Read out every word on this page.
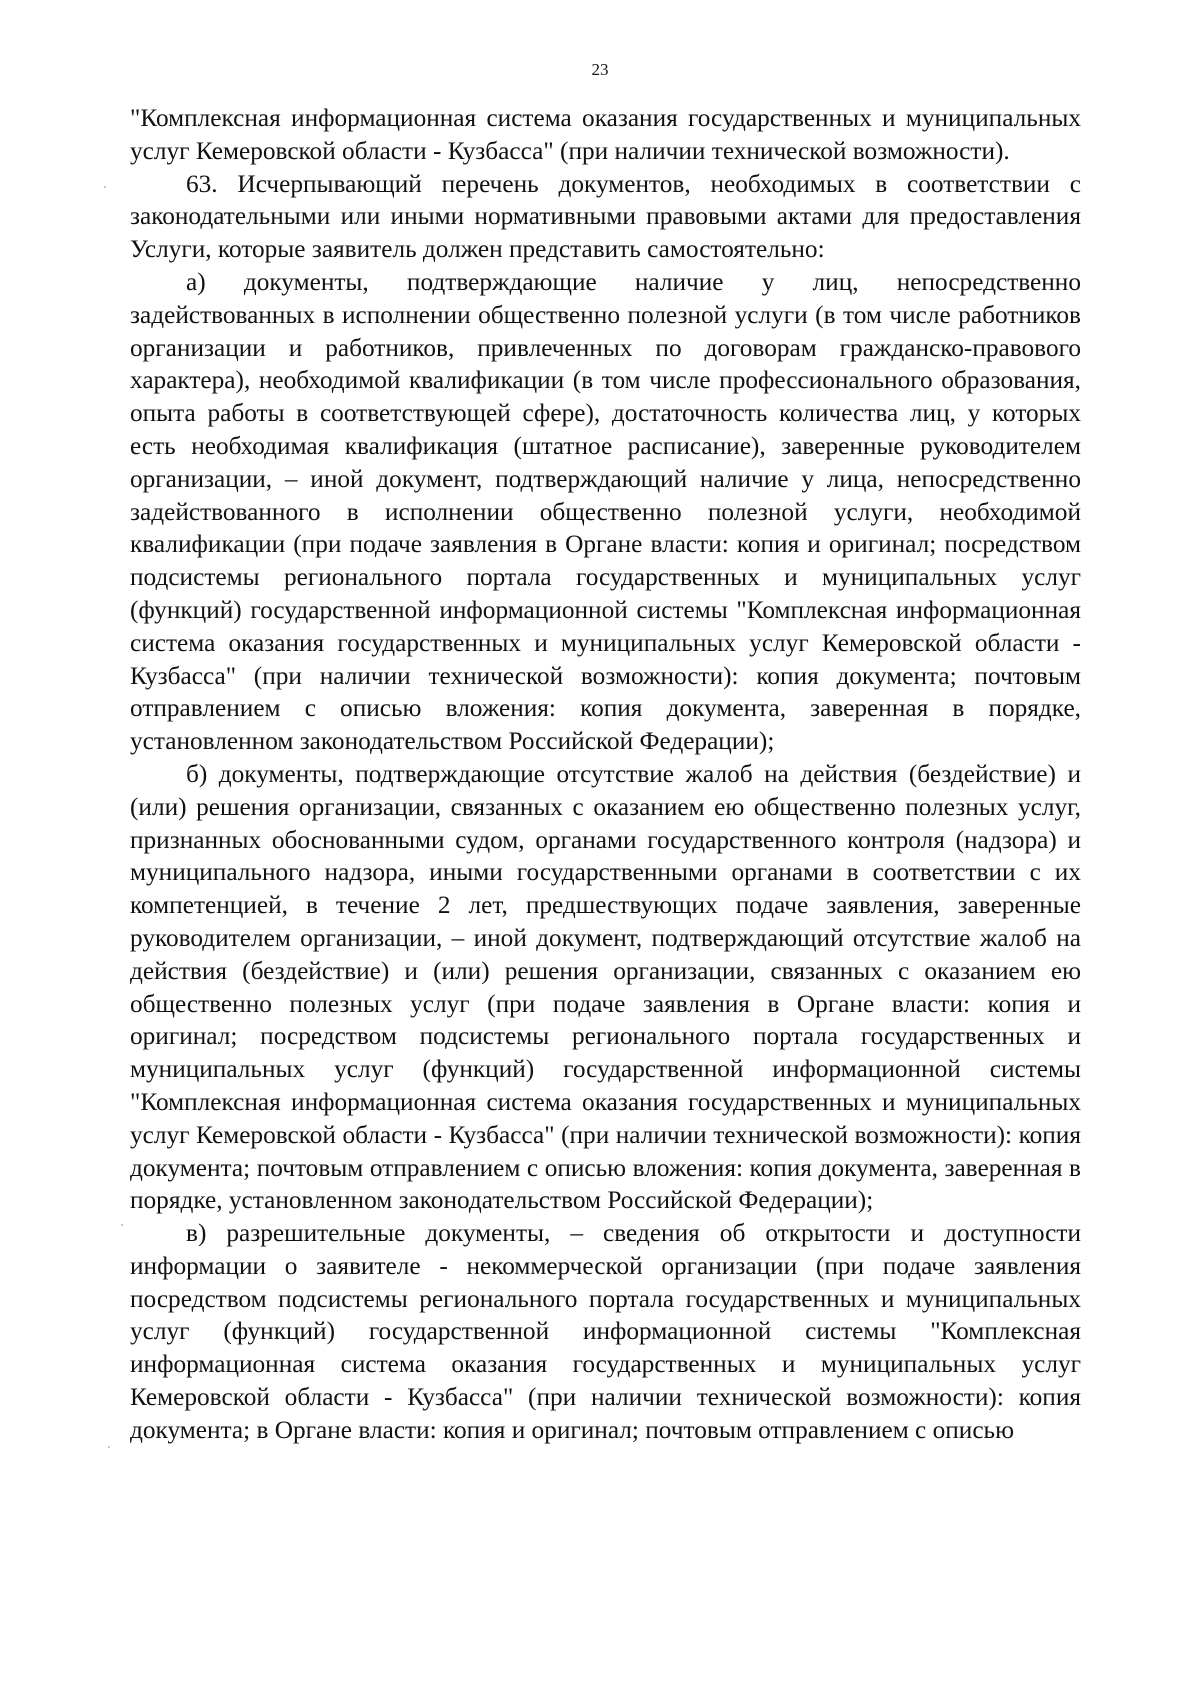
23

"Комплексная информационная система оказания государственных и муниципальных услуг Кемеровской области - Кузбасса" (при наличии технической возможности).

63. Исчерпывающий перечень документов, необходимых в соответствии с законодательными или иными нормативными правовыми актами для предоставления Услуги, которые заявитель должен представить самостоятельно:

а) документы, подтверждающие наличие у лиц, непосредственно задействованных в исполнении общественно полезной услуги (в том числе работников организации и работников, привлеченных по договорам гражданско-правового характера), необходимой квалификации (в том числе профессионального образования, опыта работы в соответствующей сфере), достаточность количества лиц, у которых есть необходимая квалификация (штатное расписание), заверенные руководителем организации, – иной документ, подтверждающий наличие у лица, непосредственно задействованного в исполнении общественно полезной услуги, необходимой квалификации (при подаче заявления в Органе власти: копия и оригинал; посредством подсистемы регионального портала государственных и муниципальных услуг (функций) государственной информационной системы "Комплексная информационная система оказания государственных и муниципальных услуг Кемеровской области - Кузбасса" (при наличии технической возможности): копия документа; почтовым отправлением с описью вложения: копия документа, заверенная в порядке, установленном законодательством Российской Федерации);

б) документы, подтверждающие отсутствие жалоб на действия (бездействие) и (или) решения организации, связанных с оказанием ею общественно полезных услуг, признанных обоснованными судом, органами государственного контроля (надзора) и муниципального надзора, иными государственными органами в соответствии с их компетенцией, в течение 2 лет, предшествующих подаче заявления, заверенные руководителем организации, – иной документ, подтверждающий отсутствие жалоб на действия (бездействие) и (или) решения организации, связанных с оказанием ею общественно полезных услуг (при подаче заявления в Органе власти: копия и оригинал; посредством подсистемы регионального портала государственных и муниципальных услуг (функций) государственной информационной системы "Комплексная информационная система оказания государственных и муниципальных услуг Кемеровской области - Кузбасса" (при наличии технической возможности): копия документа; почтовым отправлением с описью вложения: копия документа, заверенная в порядке, установленном законодательством Российской Федерации);

в) разрешительные документы, – сведения об открытости и доступности информации о заявителе - некоммерческой организации (при подаче заявления посредством подсистемы регионального портала государственных и муниципальных услуг (функций) государственной информационной системы "Комплексная информационная система оказания государственных и муниципальных услуг Кемеровской области - Кузбасса" (при наличии технической возможности): копия документа; в Органе власти: копия и оригинал; почтовым отправлением с описью
